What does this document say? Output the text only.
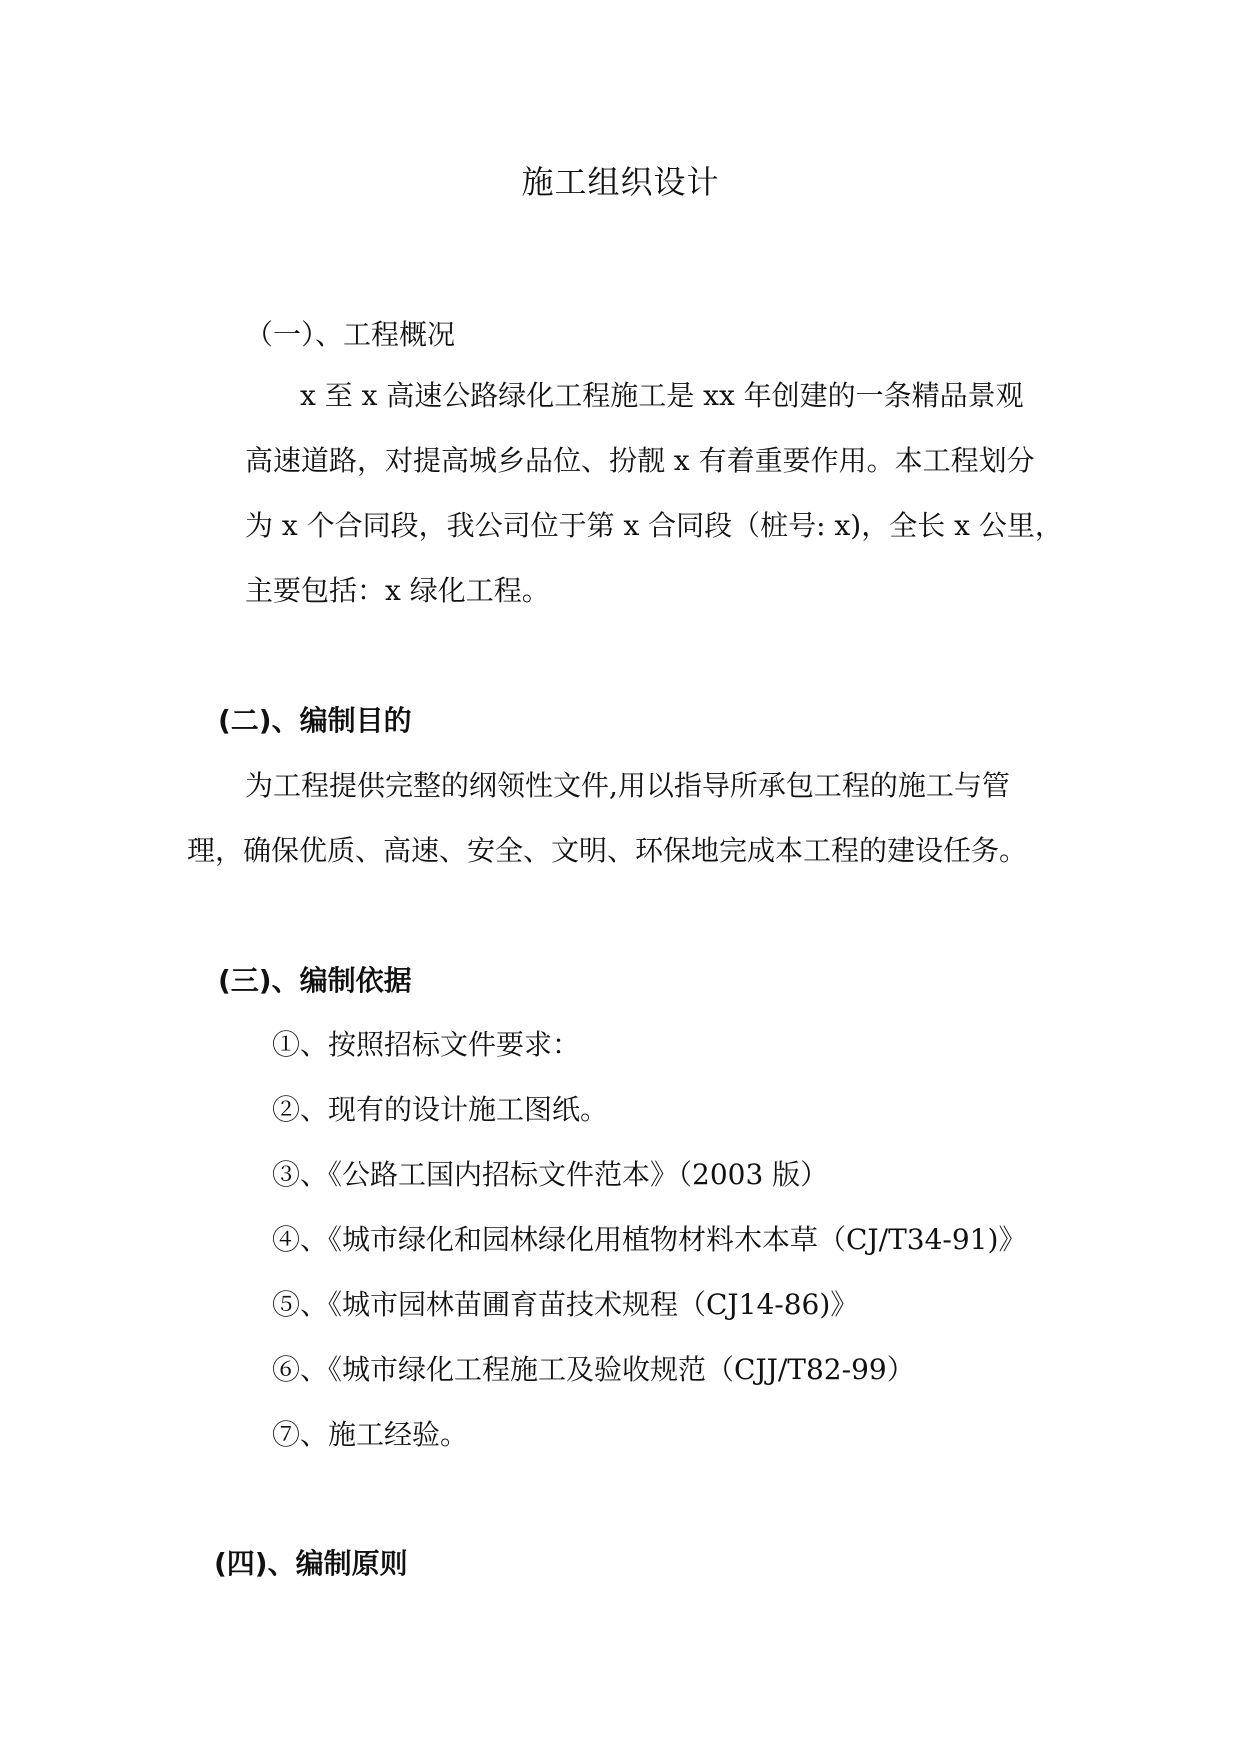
施工组织设计
（一）、工程概况
x 至 x 高速公路绿化工程施工是 xx 年创建的一条精品景观
高速道路，对提高城乡品位、扮靓 x 有着重要作用。本工程划分
为 x 个合同段，我公司位于第 x 合同段（桩号: x)，全长 x 公里，
主要包括：x 绿化工程。
(二)、编制目的
为工程提供完整的纲领性文件,用以指导所承包工程的施工与管
理，确保优质、高速、安全、文明、环保地完成本工程的建设任务。
(三)、编制依据
①、按照招标文件要求：
②、现有的设计施工图纸。
③、《公路工国内招标文件范本》（2003 版）
④、《城市绿化和园林绿化用植物材料木本草（CJ/T34-91)》
⑤、《城市园林苗圃育苗技术规程（CJ14-86)》
⑥、《城市绿化工程施工及验收规范（CJJ/T82-99）
⑦、施工经验。
(四)、编制原则
